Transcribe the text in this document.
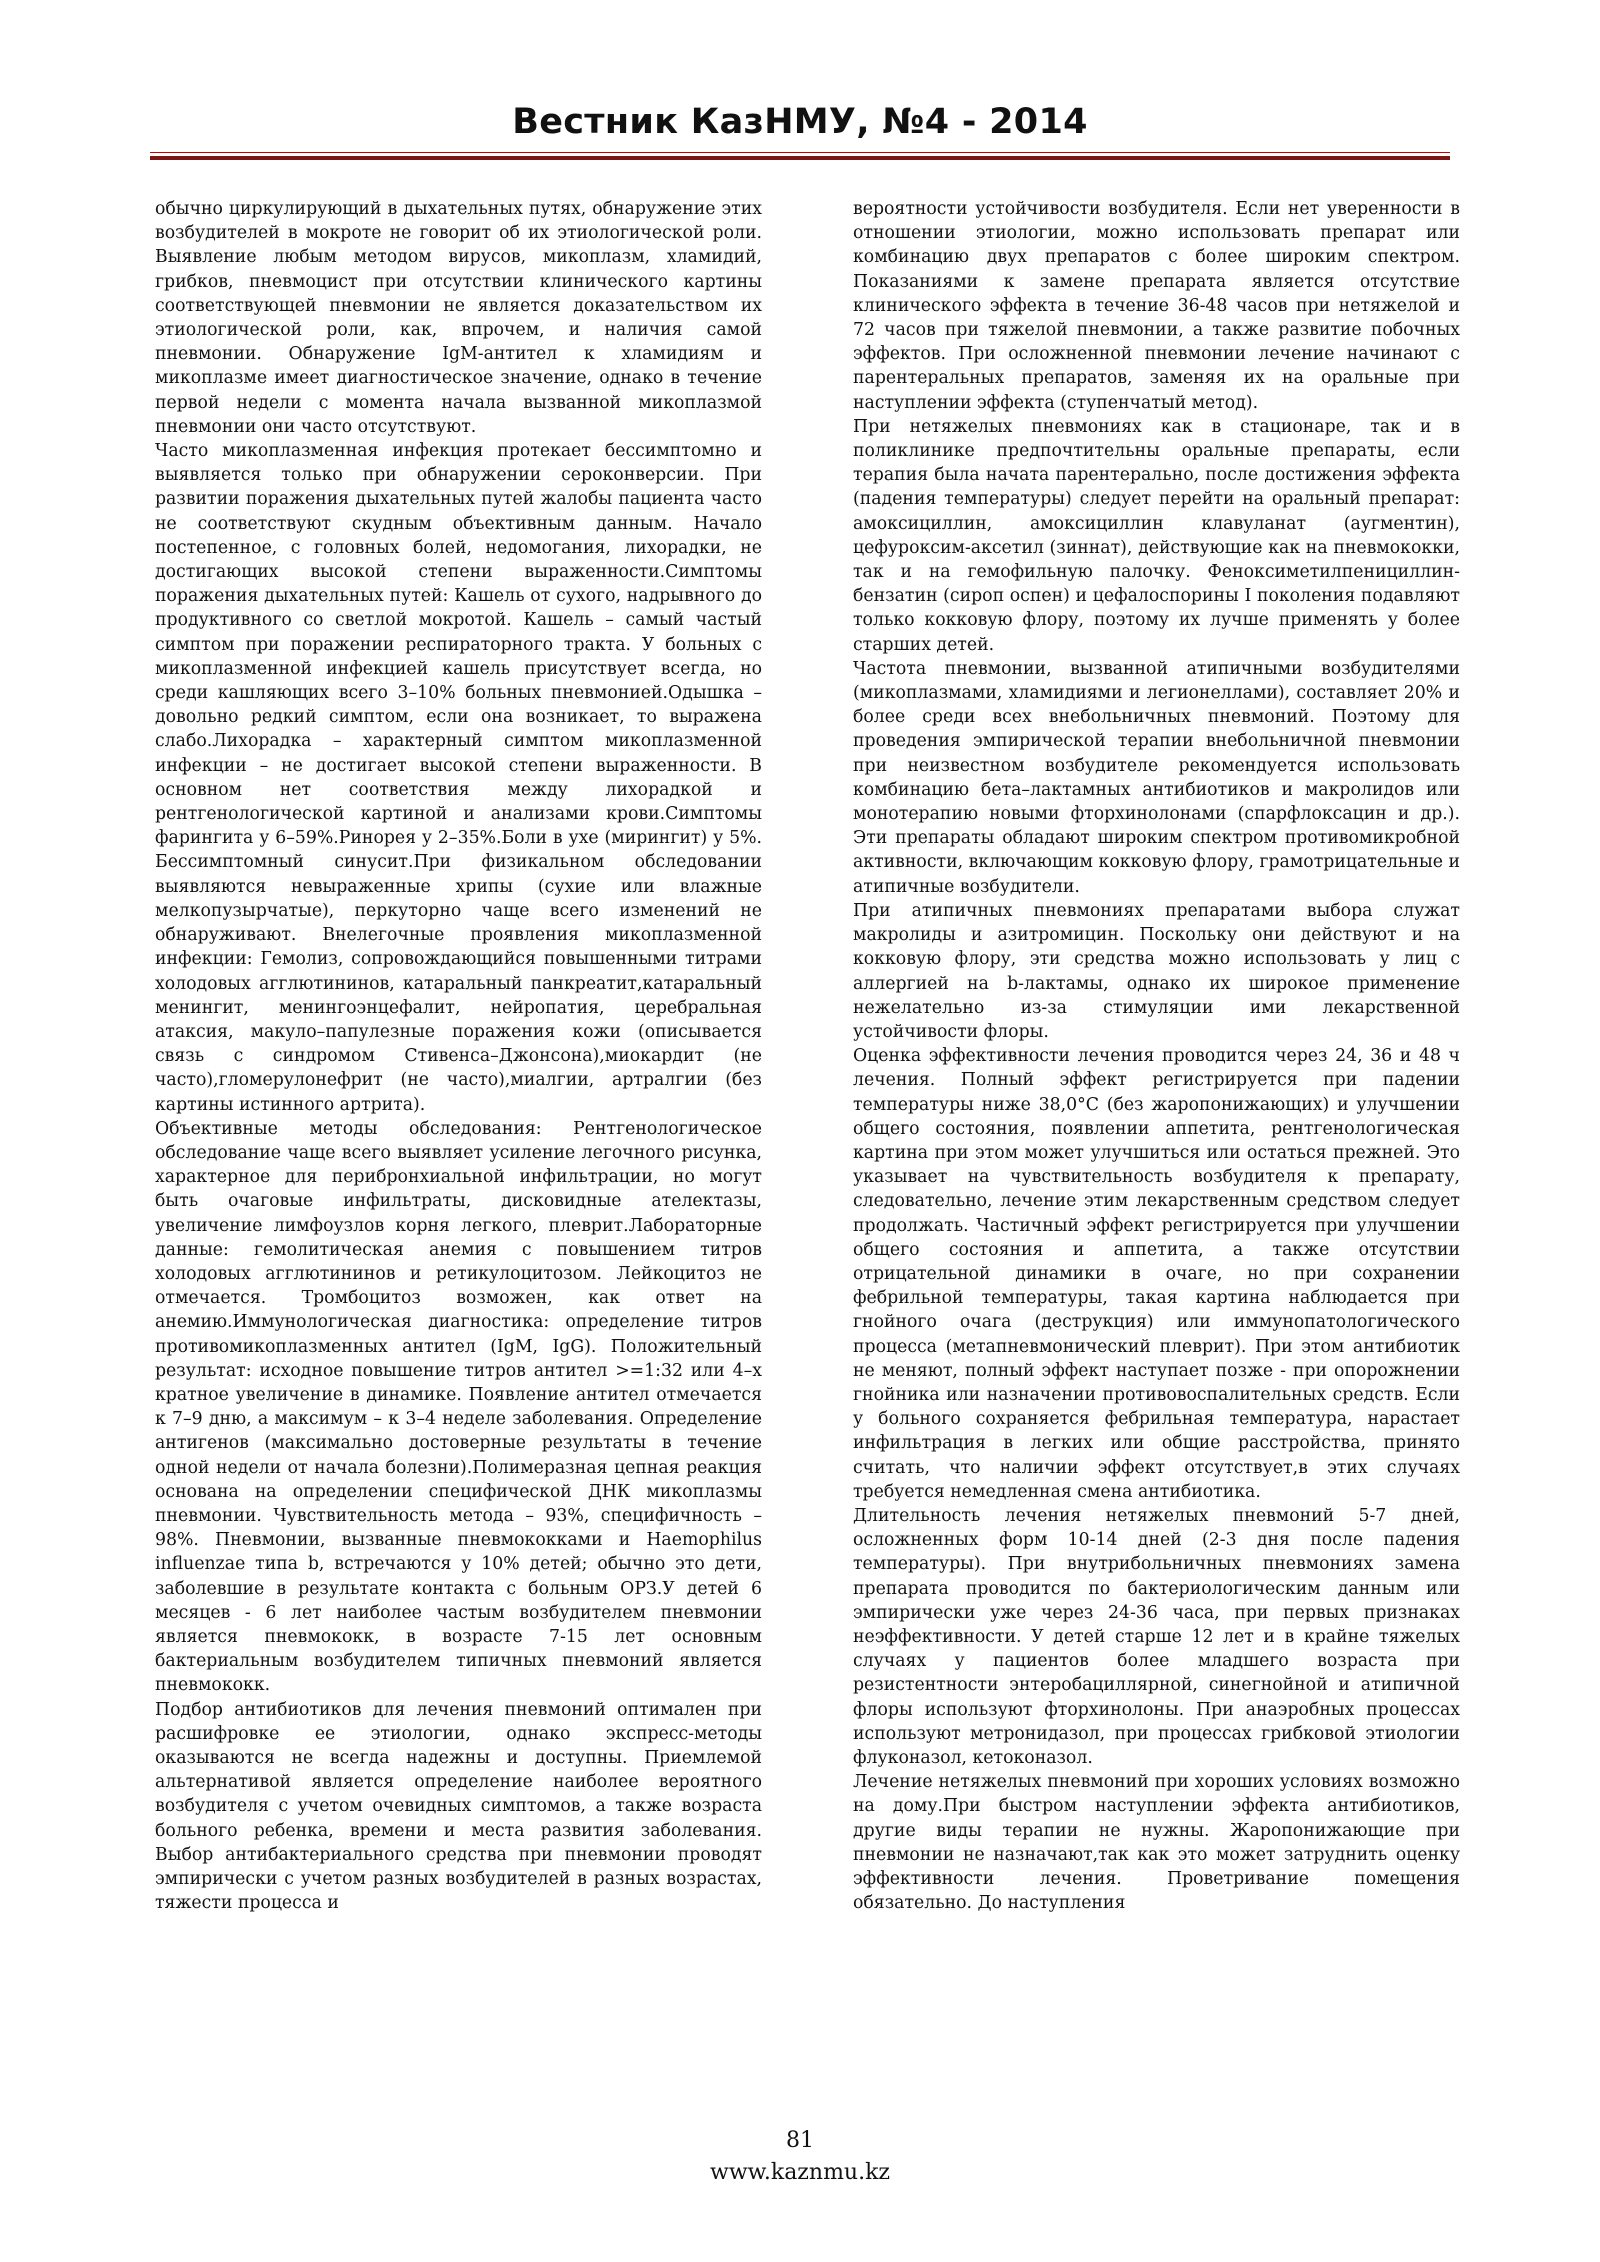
Вестник КазНМУ, №4 - 2014

обычно циркулирующий в дыхательных путях, обнаружение этих возбудителей в мокроте не говорит об их этиологической роли. Выявление любым методом вирусов, микоплазм, хламидий, грибков, пневмоцист при отсутствии клинического картины соответствующей пневмонии не является доказательством их этиологической роли, как, впрочем, и наличия самой пневмонии. Обнаружение IgM-антител к хламидиям и микоплазме имеет диагностическое значение, однако в течение первой недели с момента начала вызванной микоплазмой пневмонии они часто отсутствуют.

Часто микоплазменная инфекция протекает бессимптомно и выявляется только при обнаружении сероконверсии. При развитии поражения дыхательных путей жалобы пациента часто не соответствуют скудным объективным данным. Начало постепенное, с головных болей, недомогания, лихорадки, не достигающих высокой степени выраженности.Симптомы поражения дыхательных путей: Кашель от сухого, надрывного до продуктивного со светлой мокротой. Кашель – самый частый симптом при поражении респираторного тракта. У больных с микоплазменной инфекцией кашель присутствует всегда, но среди кашляющих всего 3–10% больных пневмонией.Одышка – довольно редкий симптом, если она возникает, то выражена слабо.Лихорадка – характерный симптом микоплазменной инфекции – не достигает высокой степени выраженности. В основном нет соответствия между лихорадкой и рентгенологической картиной и анализами крови.Симптомы фарингита у 6–59%.Ринорея у 2–35%.Боли в ухе (мирингит) у 5%. Бессимптомный синусит.При физикальном обследовании выявляются невыраженные хрипы (сухие или влажные мелкопузырчатые), перкуторно чаще всего изменений не обнаруживают. Внелегочные проявления микоплазменной инфекции: Гемолиз, сопровождающийся повышенными титрами холодовых агглютининов, катаральный панкреатит,катаральный менингит, менингоэнцефалит, нейропатия, церебральная атаксия, макуло–папулезные поражения кожи (описывается связь с синдромом Стивенса–Джонсона),миокардит (не часто),гломерулонефрит (не часто),миалгии, артралгии (без картины истинного артрита).

Объективные методы обследования: Рентгенологическое обследование чаще всего выявляет усиление легочного рисунка, характерное для перибронхиальной инфильтрации, но могут быть очаговые инфильтраты, дисковидные ателектазы, увеличение лимфоузлов корня легкого, плеврит.Лабораторные данные: гемолитическая анемия с повышением титров холодовых агглютининов и ретикулоцитозом. Лейкоцитоз не отмечается. Тромбоцитоз возможен, как ответ на анемию.Иммунологическая диагностика: определение титров противомикоплазменных антител (IgM, IgG). Положительный результат: исходное повышение титров антител >=1:32 или 4–х кратное увеличение в динамике. Появление антител отмечается к 7–9 дню, а максимум – к 3–4 неделе заболевания. Определение антигенов (максимально достоверные результаты в течение одной недели от начала болезни).Полимеразная цепная реакция основана на определении специфической ДНК микоплазмы пневмонии. Чувствительность метода – 93%, специфичность – 98%. Пневмонии, вызванные пневмококками и Haemophilus influenzae типа b, встречаются у 10% детей; обычно это дети, заболевшие в результате контакта с больным ОРЗ.У детей 6 месяцев - 6 лет наиболее частым возбудителем пневмонии является пневмококк, в возрасте 7-15 лет основным бактериальным возбудителем типичных пневмоний является пневмококк.

Подбор антибиотиков для лечения пневмоний оптимален при расшифровке ее этиологии, однако экспресс-методы оказываются не всегда надежны и доступны. Приемлемой альтернативой является определение наиболее вероятного возбудителя с учетом очевидных симптомов, а также возраста больного ребенка, времени и места развития заболевания. Выбор антибактериального средства при пневмонии проводят эмпирически с учетом разных возбудителей в разных возрастах, тяжести процесса и

вероятности устойчивости возбудителя. Если нет уверенности в отношении этиологии, можно использовать препарат или комбинацию двух препаратов с более широким спектром. Показаниями к замене препарата является отсутствие клинического эффекта в течение 36-48 часов при нетяжелой и 72 часов при тяжелой пневмонии, а также развитие побочных эффектов. При осложненной пневмонии лечение начинают с парентеральных препаратов, заменяя их на оральные при наступлении эффекта (ступенчатый метод).

При нетяжелых пневмониях как в стационаре, так и в поликлинике предпочтительны оральные препараты, если терапия была начата парентерально, после достижения эффекта (падения температуры) следует перейти на оральный препарат: амоксициллин, амоксициллин клавуланат (аугментин), цефуроксим-аксетил (зиннат), действующие как на пневмококки, так и на гемофильную палочку. Феноксиметилпенициллин-бензатин (сироп оспен) и цефалоспорины I поколения подавляют только кокковую флору, поэтому их лучше применять у более старших детей.

Частота пневмонии, вызванной атипичными возбудителями (микоплазмами, хламидиями и легионеллами), составляет 20% и более среди всех внебольничных пневмоний. Поэтому для проведения эмпирической терапии внебольничной пневмонии при неизвестном возбудителе рекомендуется использовать комбинацию бета–лактамных антибиотиков и макролидов или монотерапию новыми фторхинолонами (спарфлоксацин и др.). Эти препараты обладают широким спектром противомикробной активности, включающим кокковую флору, грамотрицательные и атипичные возбудители.

При атипичных пневмониях препаратами выбора служат макролиды и азитромицин. Поскольку они действуют и на кокковую флору, эти средства можно использовать у лиц с аллергией на b-лактамы, однако их широкое применение нежелательно из-за стимуляции ими лекарственной устойчивости флоры.

Оценка эффективности лечения проводится через 24, 36 и 48 ч лечения. Полный эффект регистрируется при падении температуры ниже 38,0°С (без жаропонижающих) и улучшении общего состояния, появлении аппетита, рентгенологическая картина при этом может улучшиться или остаться прежней. Это указывает на чувствительность возбудителя к препарату, следовательно, лечение этим лекарственным средством следует продолжать. Частичный эффект регистрируется при улучшении общего состояния и аппетита, а также отсутствии отрицательной динамики в очаге, но при сохранении фебрильной температуры, такая картина наблюдается при гнойного очага (деструкция) или иммунопатологического процесса (метапневмонический плеврит). При этом антибиотик не меняют, полный эффект наступает позже - при опорожнении гнойника или назначении противовоспалительных средств. Если у больного сохраняется фебрильная температура, нарастает инфильтрация в легких или общие расстройства, принято считать, что наличии эффект отсутствует,в этих случаях требуется немедленная смена антибиотика.

Длительность лечения нетяжелых пневмоний 5-7 дней, осложненных форм 10-14 дней (2-3 дня после падения температуры). При внутрибольничных пневмониях замена препарата проводится по бактериологическим данным или эмпирически уже через 24-36 часа, при первых признаках неэффективности. У детей старше 12 лет и в крайне тяжелых случаях у пациентов более младшего возраста при резистентности энтеробациллярной, синегнойной и атипичной флоры используют фторхинолоны. При анаэробных процессах используют метронидазол, при процессах грибковой этиологии флуконазол, кетоконазол.

Лечение нетяжелых пневмоний при хороших условиях возможно на дому.При быстром наступлении эффекта антибиотиков, другие виды терапии не нужны. Жаропонижающие при пневмонии не назначают,так как это может затруднить оценку эффективности лечения. Проветривание помещения обязательно. До наступления

81
www.kaznmu.kz
